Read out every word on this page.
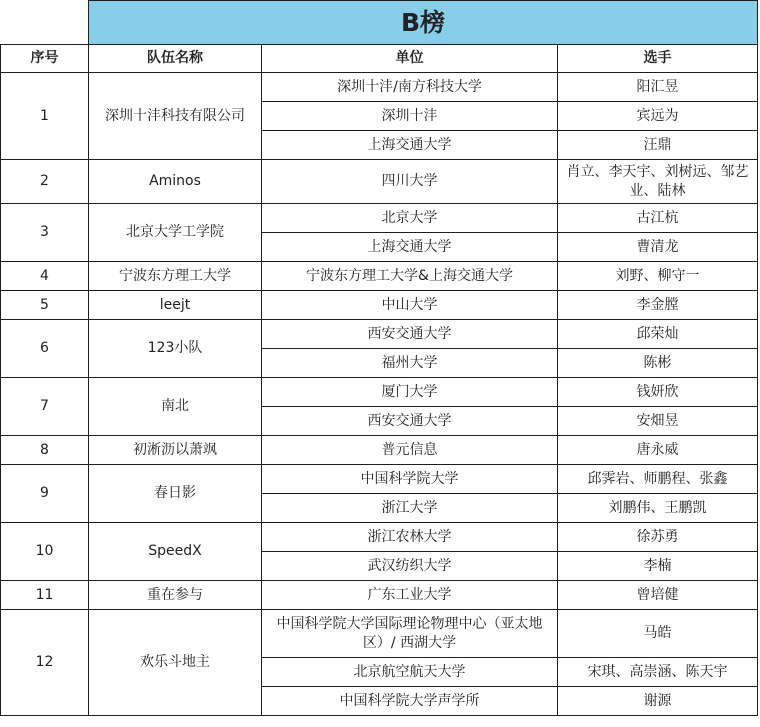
	B榜		
序号	队伍名称	单位	选手
1	深圳十沣科技有限公司	深圳十沣/南方科技大学	阳汇昱
		深圳十沣	宾远为
		上海交通大学	汪鼎
2	Aminos	四川大学	肖立、李天宇、刘树远、邹艺业、陆林
3	北京大学工学院	北京大学	古江杭
		上海交通大学	曹清龙
4	宁波东方理工大学	宁波东方理工大学&上海交通大学	刘野、柳守一
5	leejt	中山大学	李金膛
6	123小队	西安交通大学	邱荣灿
		福州大学	陈彬
7	南北	厦门大学	钱妍欣
		西安交通大学	安畑昱
8	初淅沥以萧飒	普元信息	唐永威
9	春日影	中国科学院大学	邱霁岩、师鹏程、张鑫
		浙江大学	刘鹏伟、王鹏凯
10	SpeedX	浙江农林大学	徐苏勇
		武汉纺织大学	李楠
11	重在参与	广东工业大学	曾培健
12	欢乐斗地主	中国科学院大学国际理论物理中心（亚太地区）/ 西湖大学	马皓
		北京航空航天大学	宋琪、高崇涵、陈天宇
		中国科学院大学声学所	谢源
